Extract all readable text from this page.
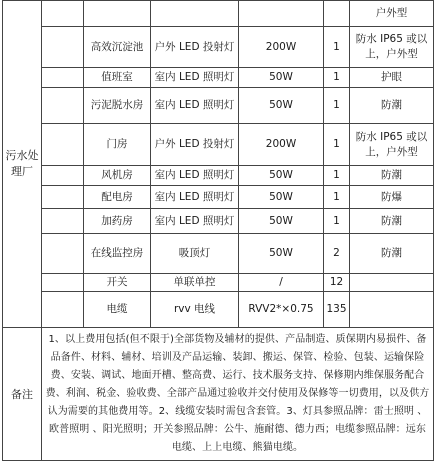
污水处理厂						户外型
		高效沉淀池	户外 LED 投射灯	200W	1	防水 IP65 或以上，户外型
		值班室	室内 LED 照明灯	50W	1	护眼
		污泥脱水房	室内 LED 照明灯	50W	1	防潮
		门房	户外 LED 投射灯	200W	1	防水 IP65 或以上，户外型
		风机房	室内 LED 照明灯	50W	1	防潮
		配电房	室内 LED 照明灯	50W	1	防爆
		加药房	室内 LED 照明灯	50W	1	防潮
		在线监控房	吸顶灯	50W	2	防潮
		开关	单联单控	/	12	
		电缆	rvv 电线	RVV2*×0.75	135	
备注	1、以上费用包括(但不限于)全部货物及辅材的提供、产品制造、质保期内易损件、备品备件、材料、辅材、培训及产品运输、装卸、搬运、保管、检验、包装、运输保险费、安装、调试、地面开槽、整高费、运行、技术服务支持、保修期内维保服务配合费、利润、税金、验收费、全部产品通过验收并交付使用及保修等一切费用，以及供方认为需要的其他费用等。2、线缆安装时需包含套管。3、灯具参照品牌：雷士照明 、欧普照明 、阳光照明；开关参照品牌：公牛、施耐德、德力西；电缆参照品牌：远东电缆、上上电缆、熊猫电缆。					
